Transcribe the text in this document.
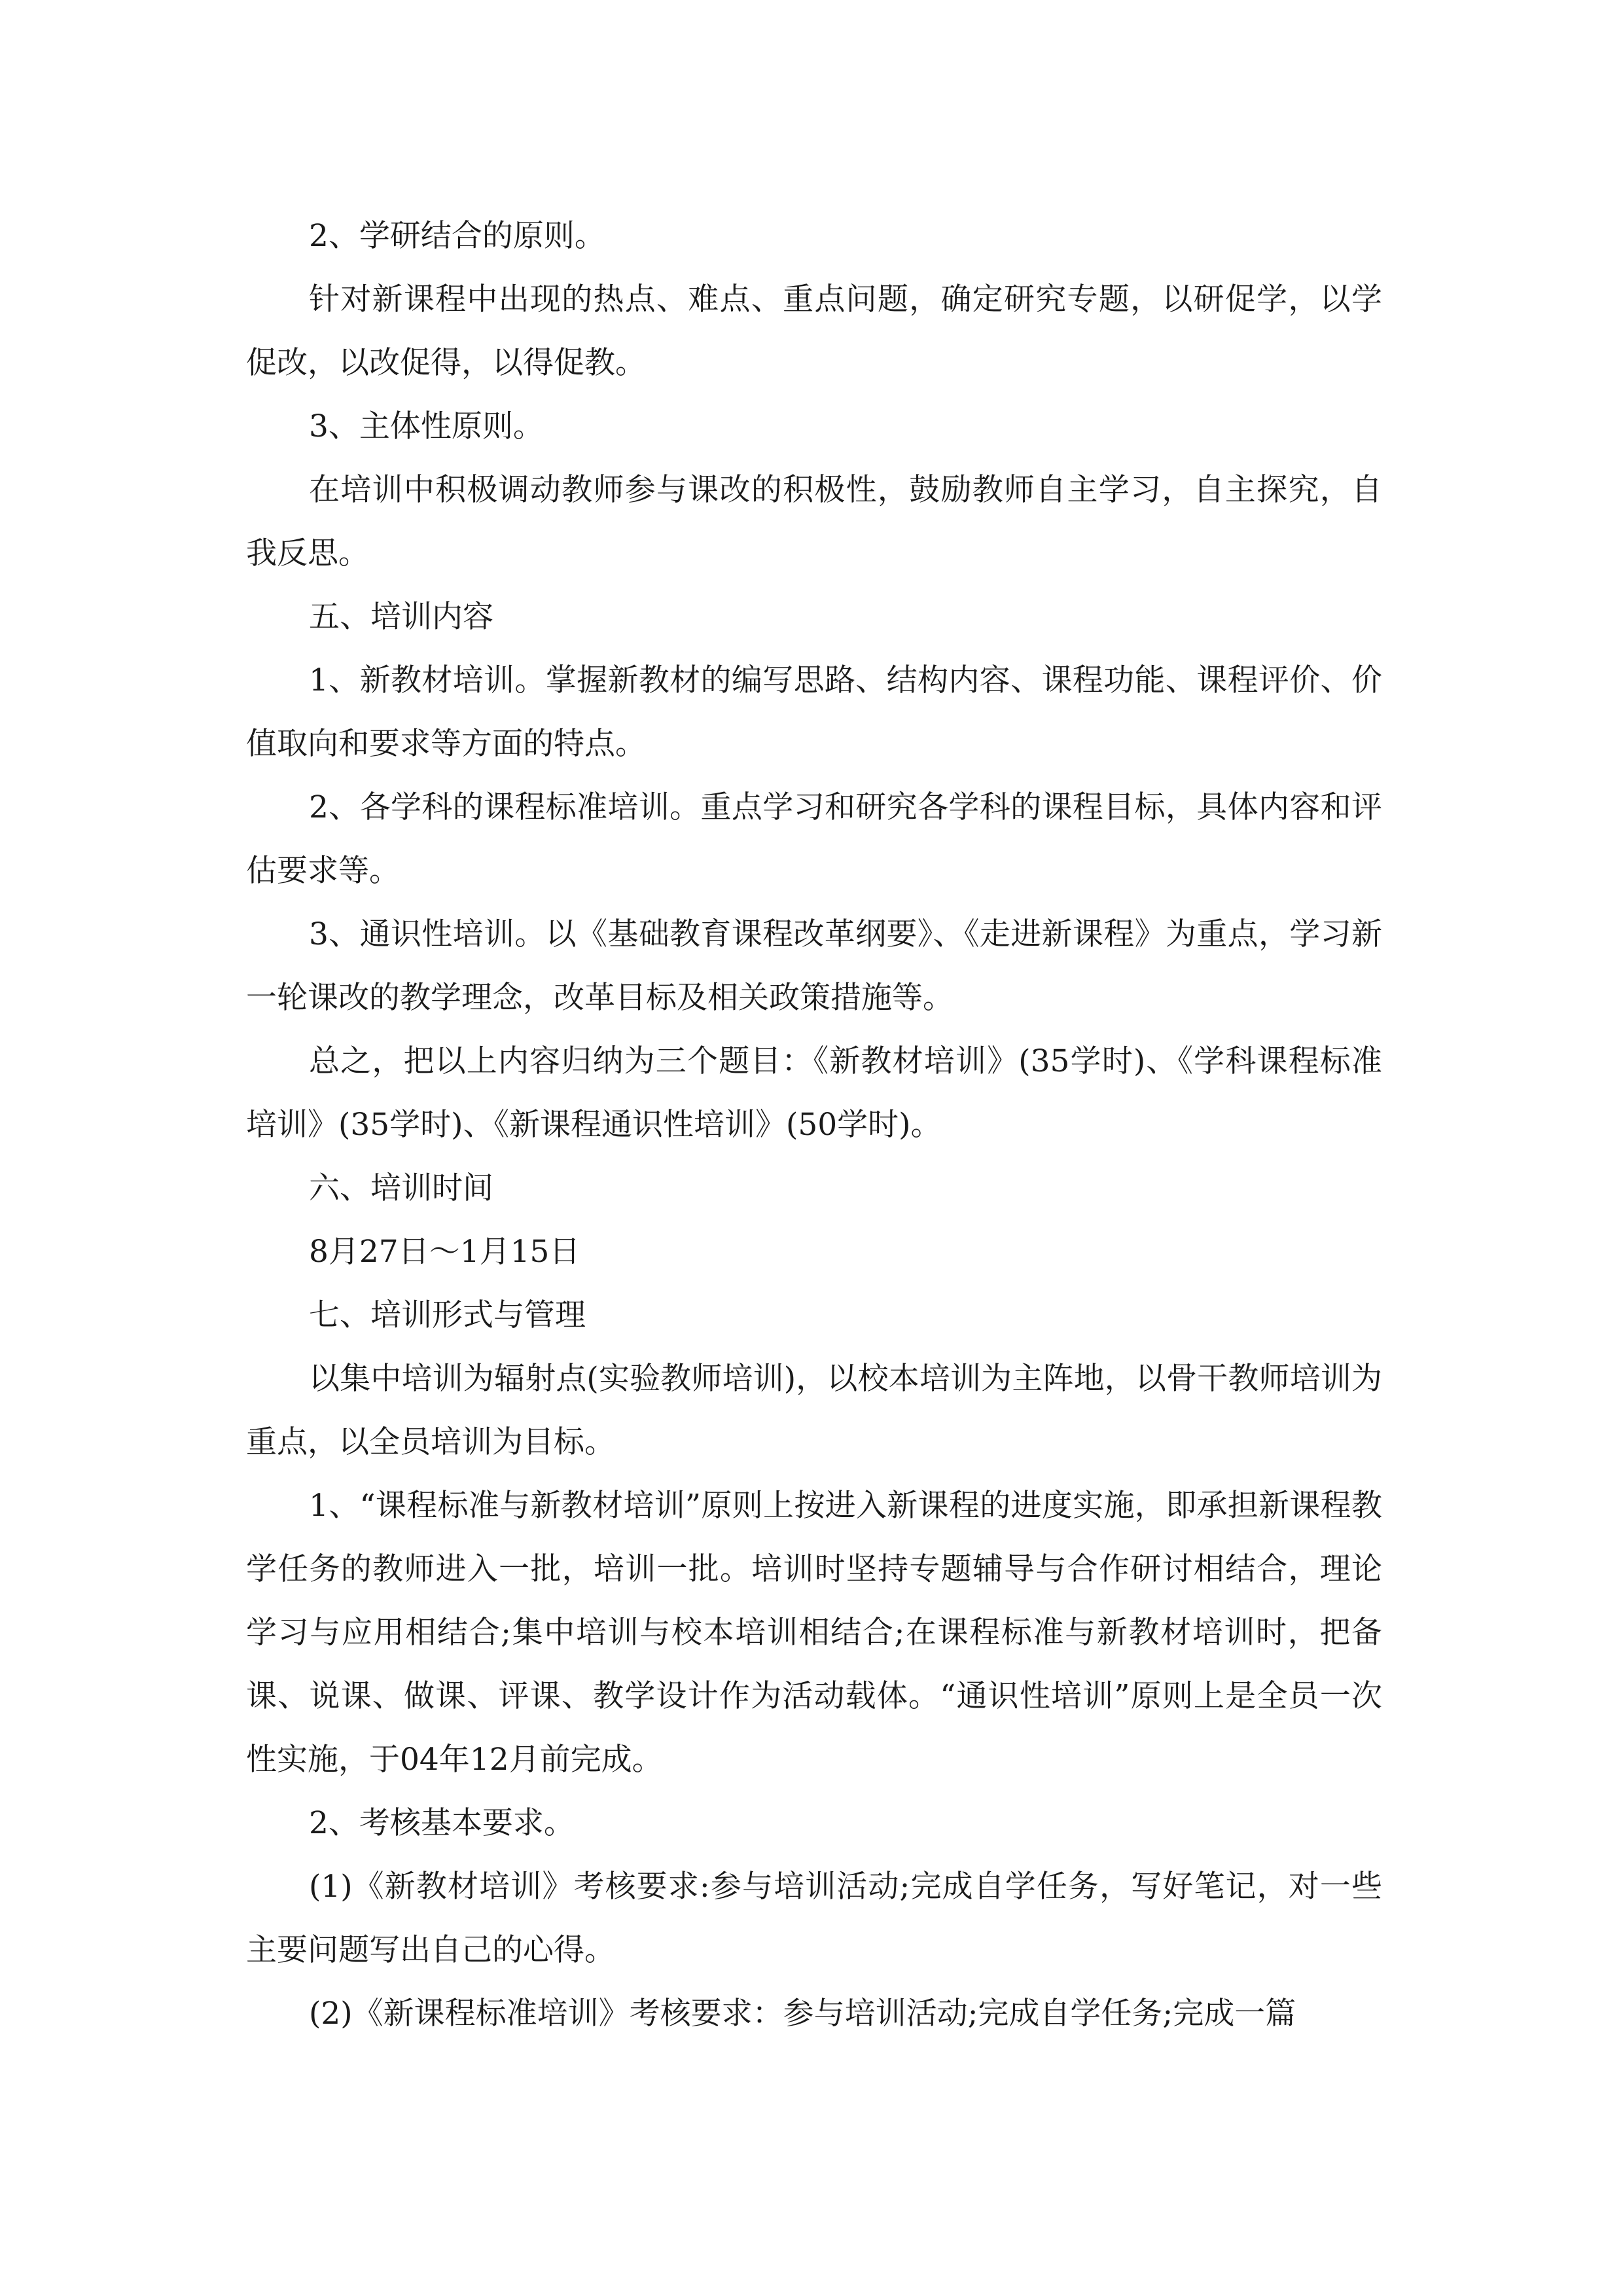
2、学研结合的原则。

针对新课程中出现的热点、难点、重点问题，确定研究专题，以研促学，以学促改，以改促得，以得促教。

3、主体性原则。

在培训中积极调动教师参与课改的积极性，鼓励教师自主学习，自主探究，自我反思。

五、培训内容

1、新教材培训。掌握新教材的编写思路、结构内容、课程功能、课程评价、价值取向和要求等方面的特点。

2、各学科的课程标准培训。重点学习和研究各学科的课程目标，具体内容和评估要求等。

3、通识性培训。以《基础教育课程改革纲要》、《走进新课程》为重点，学习新一轮课改的教学理念，改革目标及相关政策措施等。

总之，把以上内容归纳为三个题目：《新教材培训》(35学时)、《学科课程标准培训》(35学时)、《新课程通识性培训》(50学时)。

六、培训时间

8月27日～1月15日

七、培训形式与管理

以集中培训为辐射点(实验教师培训)，以校本培训为主阵地，以骨干教师培训为重点，以全员培训为目标。

1、“课程标准与新教材培训”原则上按进入新课程的进度实施，即承担新课程教学任务的教师进入一批，培训一批。培训时坚持专题辅导与合作研讨相结合，理论学习与应用相结合;集中培训与校本培训相结合;在课程标准与新教材培训时，把备课、说课、做课、评课、教学设计作为活动载体。“通识性培训”原则上是全员一次性实施，于04年12月前完成。

2、考核基本要求。

(1)《新教材培训》考核要求:参与培训活动;完成自学任务，写好笔记，对一些主要问题写出自己的心得。

(2)《新课程标准培训》考核要求：参与培训活动;完成自学任务;完成一篇
